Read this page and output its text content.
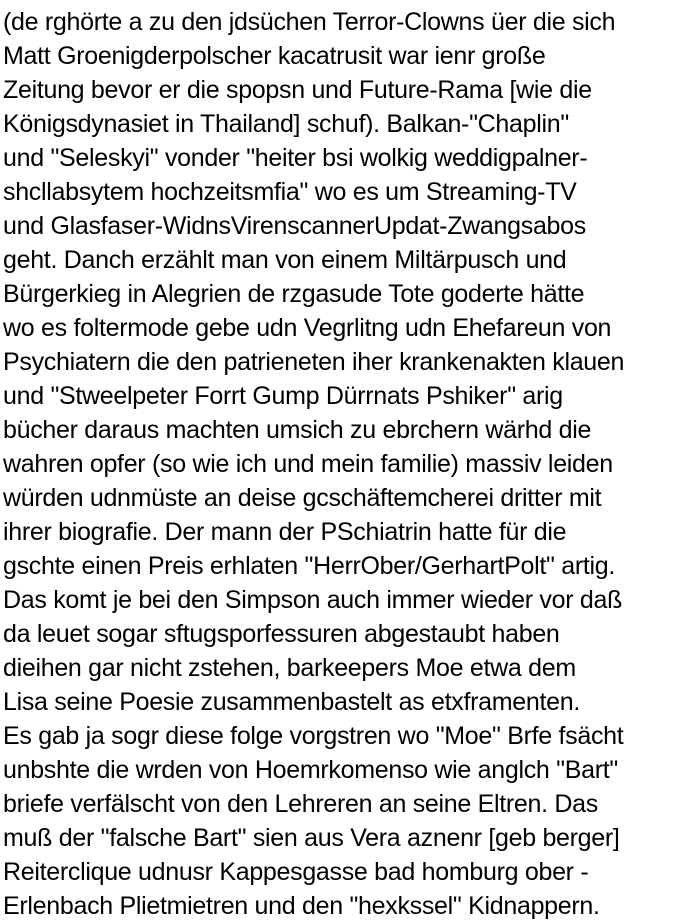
(de rghörte a zu den jdsüchen Terror-Clowns üer die sich
Matt Groenigderpolscher kacatrusit war ienr große
Zeitung bevor er die spopsn und Future-Rama [wie die
Königsdynasiet in Thailand] schuf). Balkan-"Chaplin"
und "Seleskyi" vonder "heiter bsi wolkig weddigpalner-
shcllabsytem hochzeitsmfia" wo es um Streaming-TV
und Glasfaser-WidnsVirenscannerUpdat-Zwangsabos
geht. Danch erzählt man von einem Miltärpusch und
Bürgerkieg in Alegrien de rzgasude Tote goderte hätte
wo es foltermode gebe udn Vegrlitng udn Ehefareun von
Psychiatern die den patrieneten iher krankenakten klauen
und "Stweelpeter Forrt Gump Dürrnats Pshiker" arig
bücher daraus machten umsich zu ebrchern wärhd die
wahren opfer (so wie ich und mein familie) massiv leiden
würden udnmüste an deise gcschäftemcherei dritter mit
ihrer biografie. Der mann der PSchiatrin hatte für die
gschte einen Preis erhlaten "HerrOber/GerhartPolt" artig.
Das komt je bei den Simpson auch immer wieder vor daß
da leuet sogar sftugsporfessuren abgestaubt haben
dieihen gar nicht zstehen, barkeepers Moe etwa dem
Lisa seine Poesie zusammenbastelt as etxframenten.
Es gab ja sogr diese folge vorgstren wo "Moe" Brfe fsächt
unbshte die wrden von Hoemrkomenso wie anglch "Bart"
briefe verfälscht von den Lehreren an seine Eltren. Das
muß der "falsche Bart" sien aus Vera aznenr [geb berger]
Reiterclique udnusr Kappesgasse bad homburg ober -
Erlenbach Plietmietren und den "hexkssel" Kidnappern.
